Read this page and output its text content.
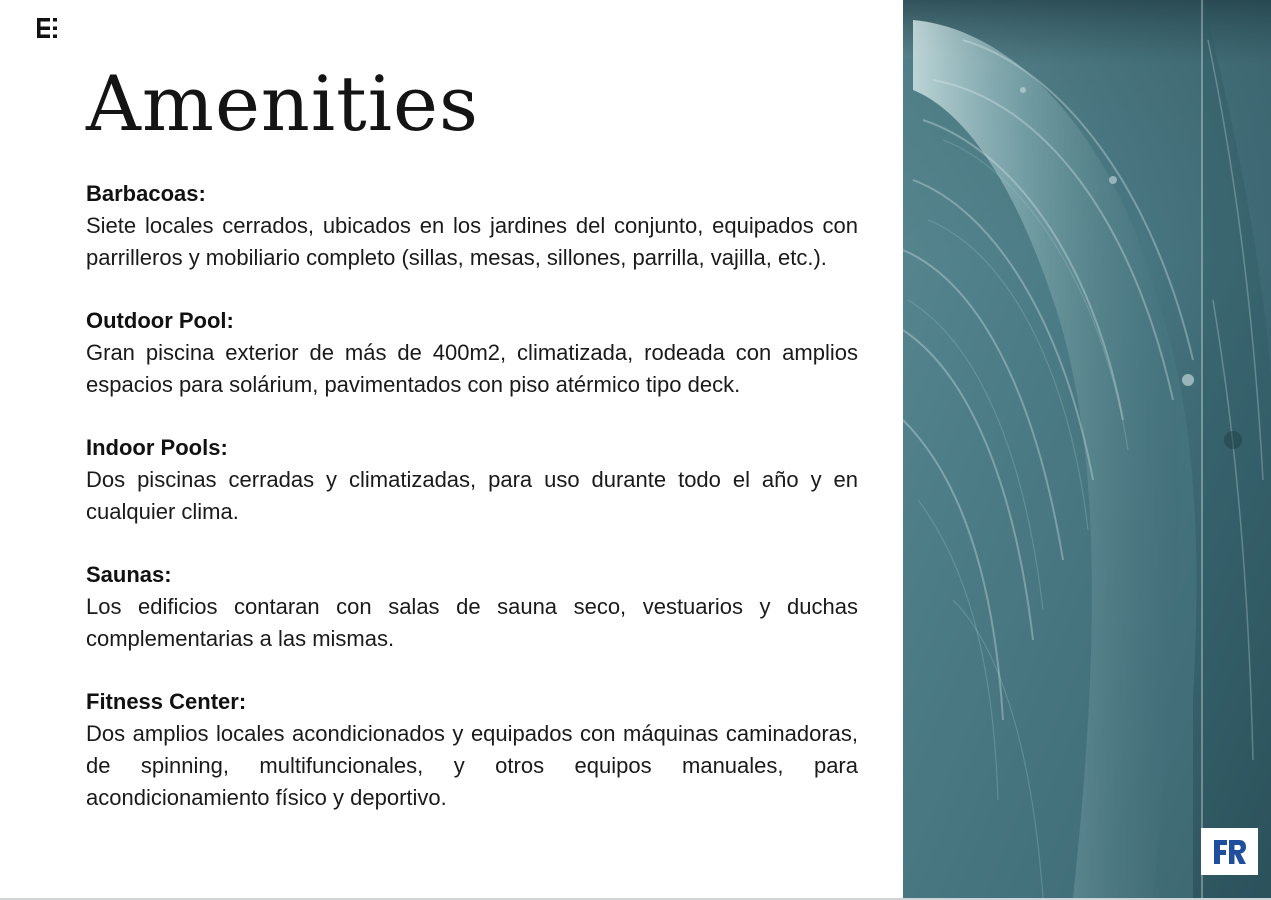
Amenities
Barbacoas:

Siete locales cerrados, ubicados en los jardines del conjunto, equipados con parrilleros y mobiliario completo (sillas, mesas, sillones, parrilla, vajilla, etc.).

Outdoor Pool:

Gran piscina exterior de más de 400m2, climatizada, rodeada con amplios espacios para solárium, pavimentados con piso atérmico tipo deck.

Indoor Pools:

Dos piscinas cerradas y climatizadas, para uso durante todo el año y en cualquier clima.

Saunas:

Los edificios contaran con salas de sauna seco, vestuarios y duchas complementarias a las mismas.

Fitness Center:

Dos amplios locales acondicionados y equipados con máquinas caminadoras, de spinning, multifuncionales, y otros equipos manuales, para acondicionamiento físico y deportivo.
